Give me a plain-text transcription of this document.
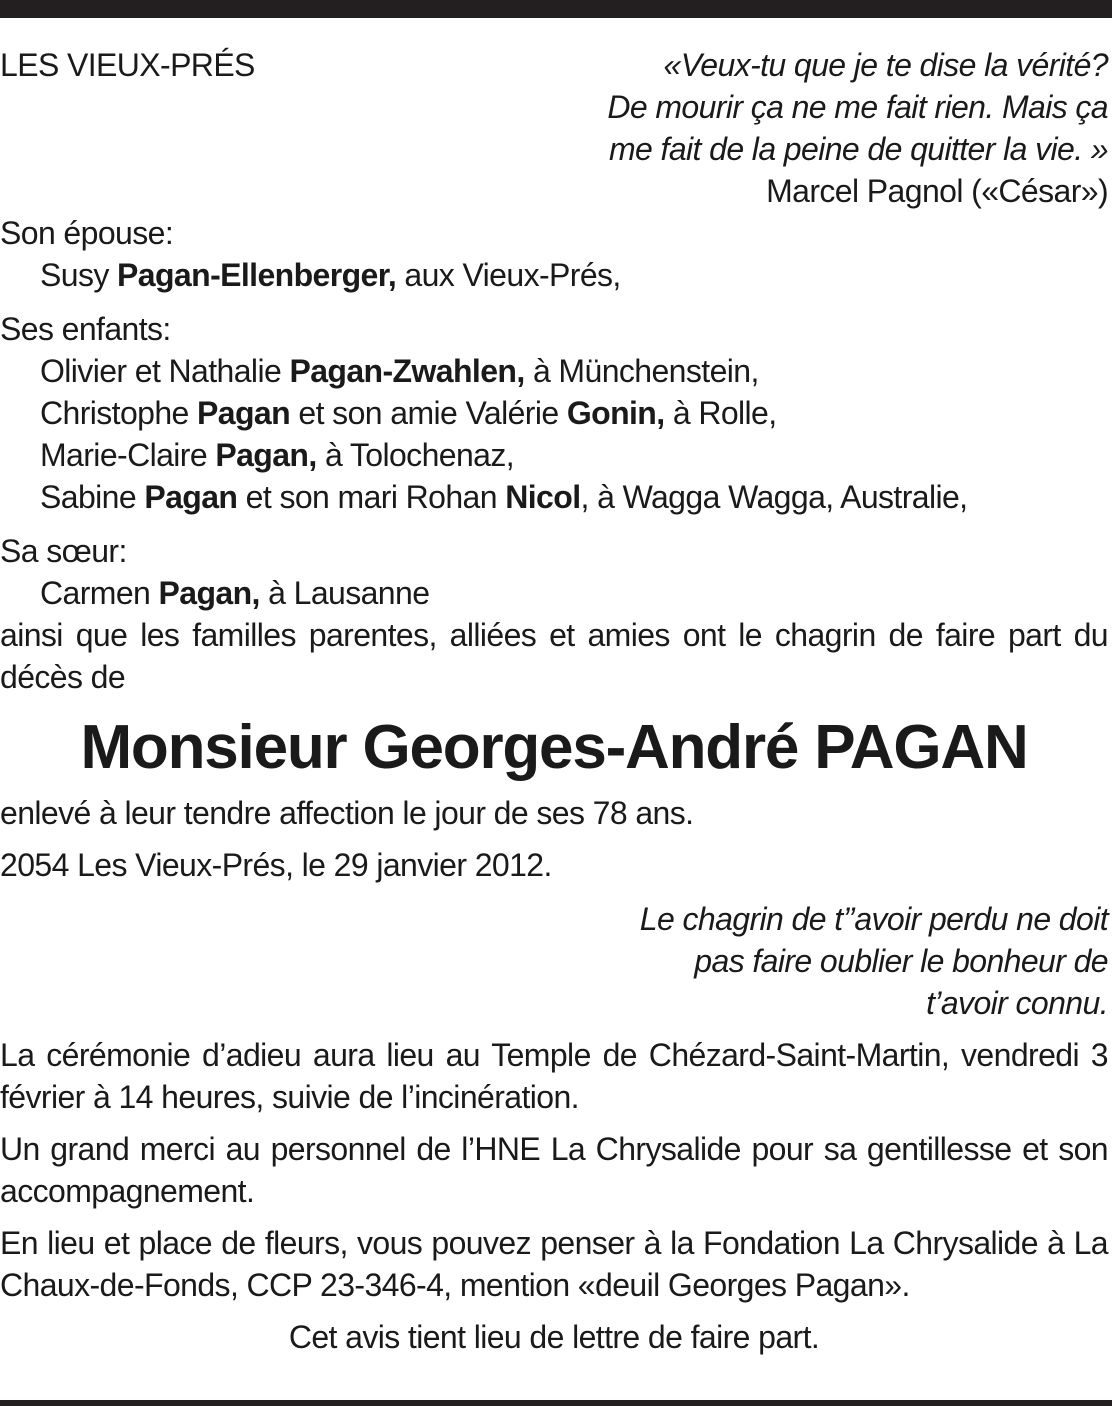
LES VIEUX-PRÉS	«Veux-tu que je te dise la vérité?
De mourir ça ne me fait rien. Mais ça
me fait de la peine de quitter la vie. »
Marcel Pagnol («César»)
Son épouse:
Susy Pagan-Ellenberger, aux Vieux-Prés,
Ses enfants:
Olivier et Nathalie Pagan-Zwahlen, à Münchenstein,
Christophe Pagan et son amie Valérie Gonin, à Rolle,
Marie-Claire Pagan, à Tolochenaz,
Sabine Pagan et son mari Rohan Nicol, à Wagga Wagga, Australie,
Sa sœur:
Carmen Pagan, à Lausanne
ainsi que les familles parentes, alliées et amies ont le chagrin de faire part du décès de
Monsieur Georges-André PAGAN
enlevé à leur tendre affection le jour de ses 78 ans.
2054 Les Vieux-Prés, le 29 janvier 2012.
Le chagrin de t’’avoir perdu ne doit
pas faire oublier le bonheur de
t’avoir connu.
La cérémonie d’adieu aura lieu au Temple de Chézard-Saint-Martin, vendredi 3 février à 14 heures, suivie de l’incinération.
Un grand merci au personnel de l’HNE La Chrysalide pour sa gentillesse et son accompagnement.
En lieu et place de fleurs, vous pouvez penser à la Fondation La Chrysalide à La Chaux-de-Fonds, CCP 23-346-4, mention «deuil Georges Pagan».
Cet avis tient lieu de lettre de faire part.
